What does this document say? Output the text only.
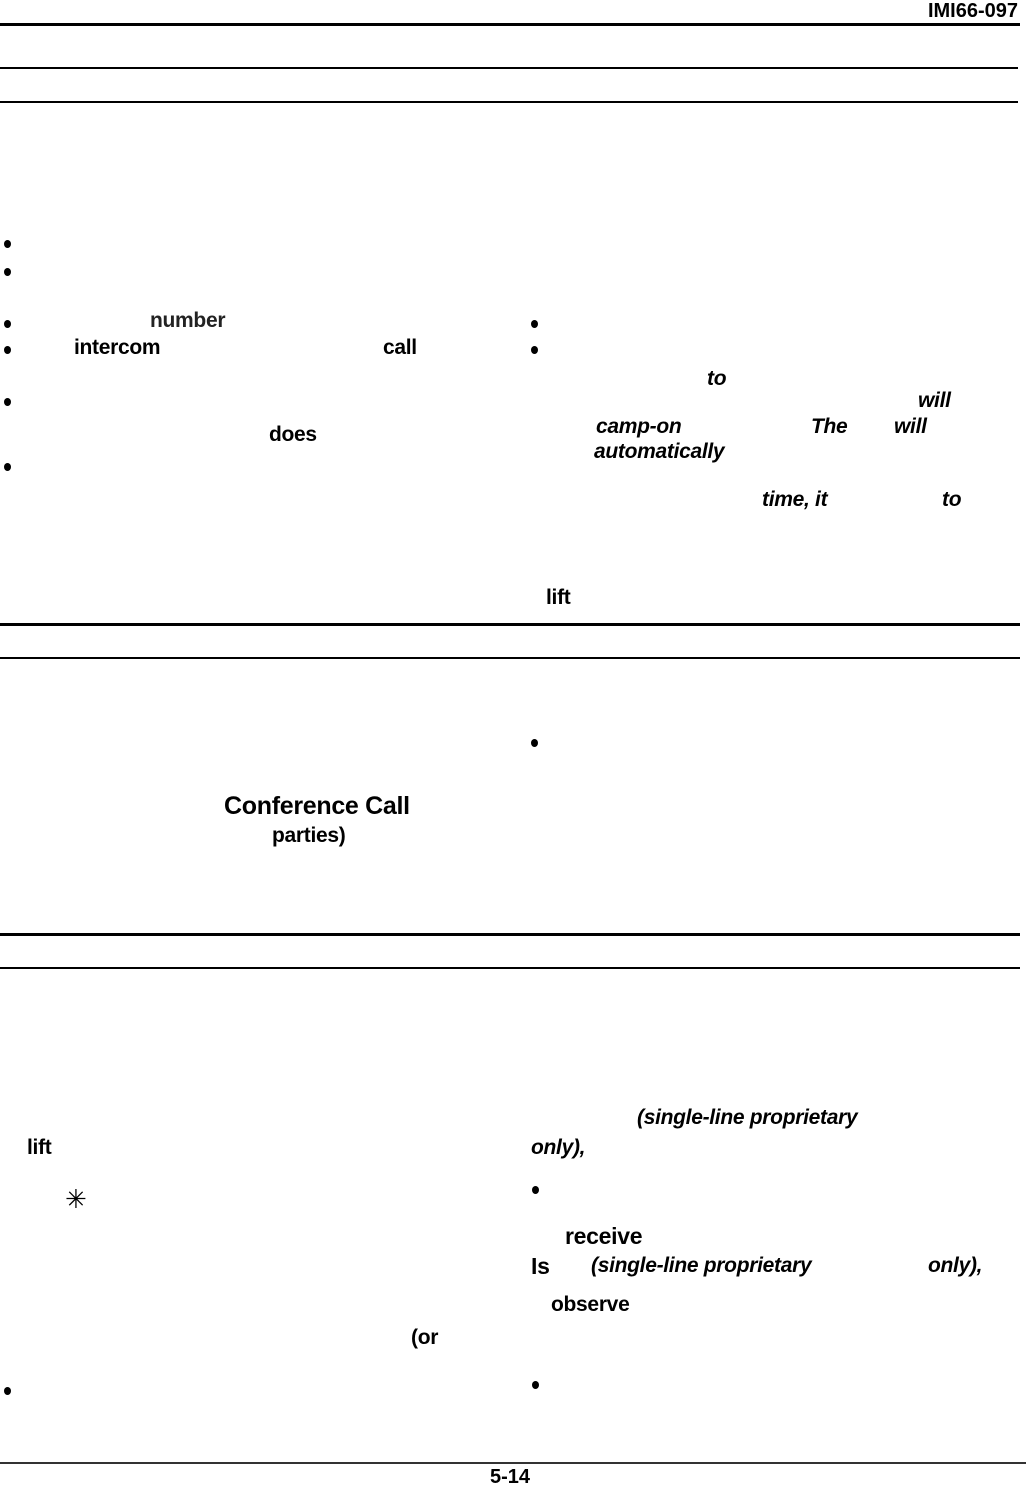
IMI66-097
number
intercom	call
does
to
will
camp-on	The will
automatically
time, it	to
lift
Conference Call
parties)
(single-line proprietary
lift	only),
✳
receive
Is (single-line proprietary	only),
observe
(or
5-14
